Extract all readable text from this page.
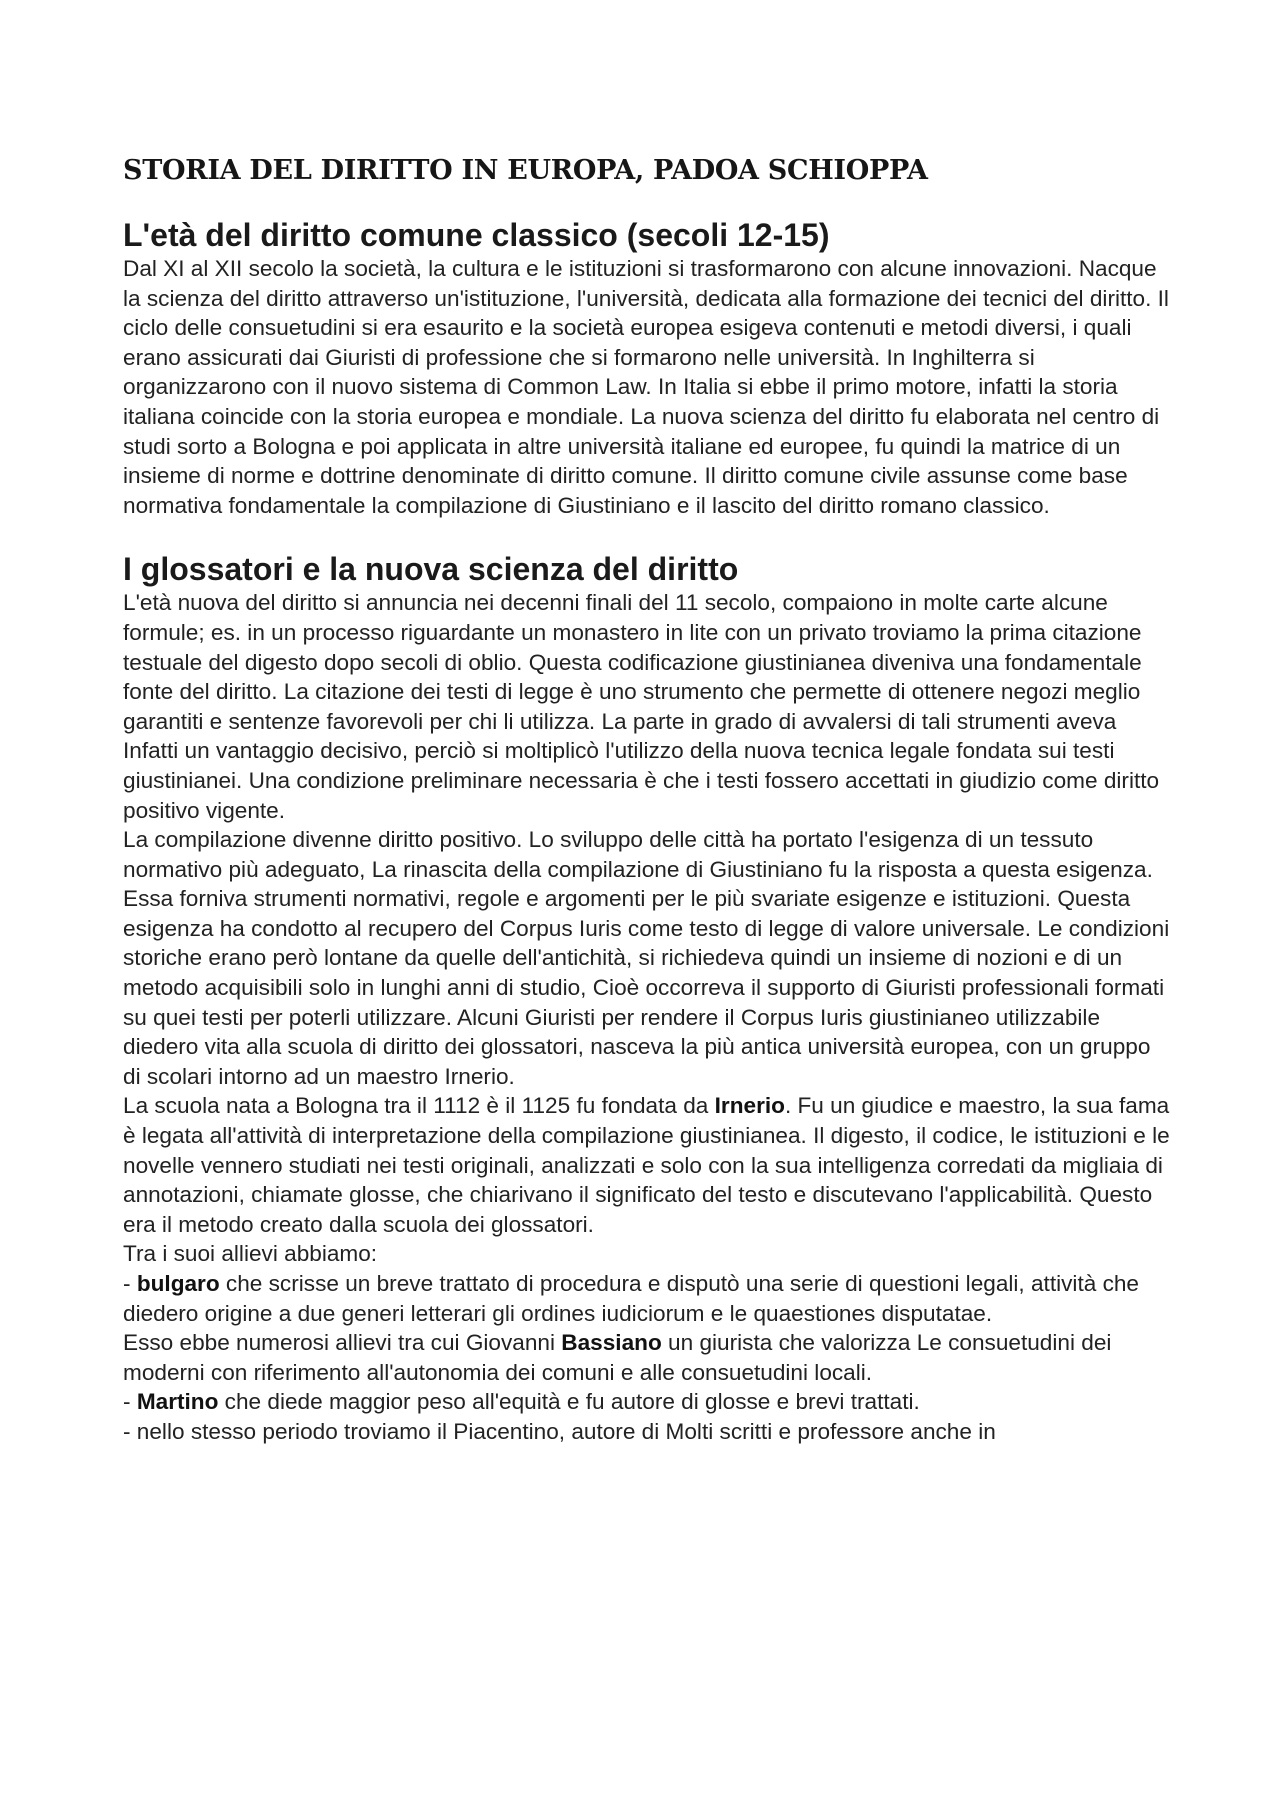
STORIA DEL DIRITTO IN EUROPA, PADOA SCHIOPPA
L'età del diritto comune classico (secoli 12-15)

Dal XI al XII secolo la società, la cultura e le istituzioni si trasformarono con alcune innovazioni. Nacque la scienza del diritto attraverso un'istituzione, l'università, dedicata alla formazione dei tecnici del diritto. Il ciclo delle consuetudini si era esaurito e la società europea esigeva contenuti e metodi diversi, i quali erano assicurati dai Giuristi di professione che si formarono nelle università. In Inghilterra si organizzarono con il nuovo sistema di Common Law. In Italia si ebbe il primo motore, infatti la storia italiana coincide con la storia europea e mondiale. La nuova scienza del diritto fu elaborata nel centro di studi sorto a Bologna e poi applicata in altre università italiane ed europee, fu quindi la matrice di un insieme di norme e dottrine denominate di diritto comune. Il diritto comune civile assunse come base normativa fondamentale la compilazione di Giustiniano e il lascito del diritto romano classico.

I glossatori e la nuova scienza del diritto

L'età nuova del diritto si annuncia nei decenni finali del 11 secolo, compaiono in molte carte alcune formule; es. in un processo riguardante un monastero in lite con un privato troviamo la prima citazione testuale del digesto dopo secoli di oblio. Questa codificazione giustinianea diveniva una fondamentale fonte del diritto. La citazione dei testi di legge è uno strumento che permette di ottenere negozi meglio garantiti e sentenze favorevoli per chi li utilizza. La parte in grado di avvalersi di tali strumenti aveva Infatti un vantaggio decisivo, perciò si moltiplicò l'utilizzo della nuova tecnica legale fondata sui testi giustinianei. Una condizione preliminare necessaria è che i testi fossero accettati in giudizio come diritto positivo vigente.

La compilazione divenne diritto positivo. Lo sviluppo delle città ha portato l'esigenza di un tessuto normativo più adeguato, La rinascita della compilazione di Giustiniano fu la risposta a questa esigenza. Essa forniva strumenti normativi, regole e argomenti per le più svariate esigenze e istituzioni. Questa esigenza ha condotto al recupero del Corpus Iuris come testo di legge di valore universale. Le condizioni storiche erano però lontane da quelle dell'antichità, si richiedeva quindi un insieme di nozioni e di un metodo acquisibili solo in lunghi anni di studio, Cioè occorreva il supporto di Giuristi professionali formati su quei testi per poterli utilizzare. Alcuni Giuristi per rendere il Corpus Iuris giustinianeo utilizzabile diedero vita alla scuola di diritto dei glossatori, nasceva la più antica università europea, con un gruppo di scolari intorno ad un maestro Irnerio.

La scuola nata a Bologna tra il 1112 è il 1125 fu fondata da Irnerio. Fu un giudice e maestro, la sua fama è legata all'attività di interpretazione della compilazione giustinianea. Il digesto, il codice, le istituzioni e le novelle vennero studiati nei testi originali, analizzati e solo con la sua intelligenza corredati da migliaia di annotazioni, chiamate glosse, che chiarivano il significato del testo e discutevano l'applicabilità. Questo era il metodo creato dalla scuola dei glossatori.

Tra i suoi allievi abbiamo:

- bulgaro che scrisse un breve trattato di procedura e disputò una serie di questioni legali, attività che diedero origine a due generi letterari gli ordines iudiciorum e le quaestiones disputatae.

Esso ebbe numerosi allievi tra cui Giovanni Bassiano un giurista che valorizza Le consuetudini dei moderni con riferimento all'autonomia dei comuni e alle consuetudini locali.

- Martino che diede maggior peso all'equità e fu autore di glosse e brevi trattati.

- nello stesso periodo troviamo il Piacentino, autore di Molti scritti e professore anche in
